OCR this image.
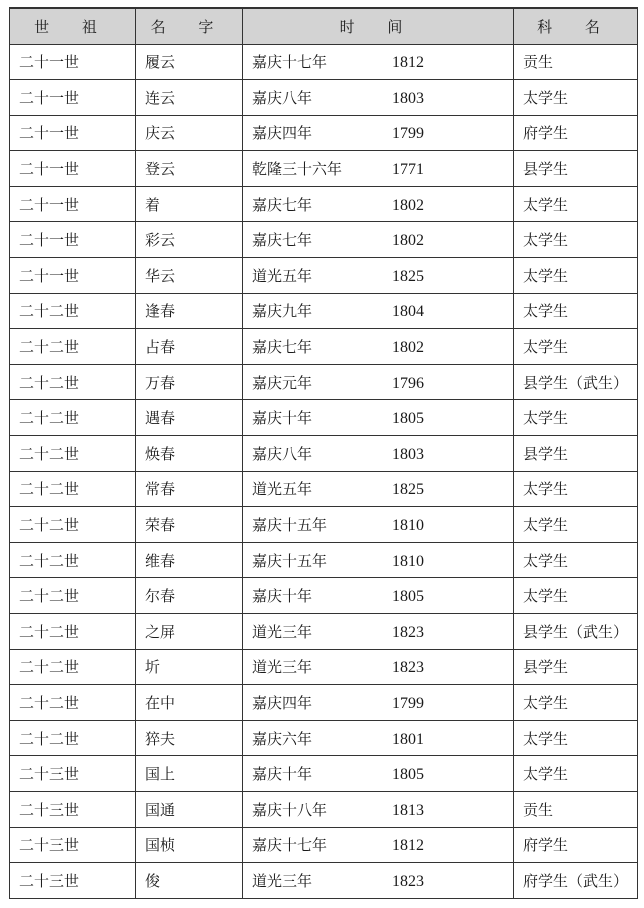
世 祖	名 字	时 间	科 名
二十一世	履云	嘉庆十七年 1812	贡生
二十一世	连云	嘉庆八年 1803	太学生
二十一世	庆云	嘉庆四年 1799	府学生
二十一世	登云	乾隆三十六年 1771	县学生
二十一世	着	嘉庆七年 1802	太学生
二十一世	彩云	嘉庆七年 1802	太学生
二十一世	华云	道光五年 1825	太学生
二十二世	逢春	嘉庆九年 1804	太学生
二十二世	占春	嘉庆七年 1802	太学生
二十二世	万春	嘉庆元年 1796	县学生（武生）
二十二世	遇春	嘉庆十年 1805	太学生
二十二世	焕春	嘉庆八年 1803	县学生
二十二世	常春	道光五年 1825	太学生
二十二世	荣春	嘉庆十五年 1810	太学生
二十二世	维春	嘉庆十五年 1810	太学生
二十二世	尔春	嘉庆十年 1805	太学生
二十二世	之屏	道光三年 1823	县学生（武生）
二十二世	圻	道光三年 1823	县学生
二十二世	在中	嘉庆四年 1799	太学生
二十二世	猝夫	嘉庆六年 1801	太学生
二十三世	国上	嘉庆十年 1805	太学生
二十三世	国通	嘉庆十八年 1813	贡生
二十三世	国桢	嘉庆十七年 1812	府学生
二十三世	俊	道光三年 1823	府学生（武生）
